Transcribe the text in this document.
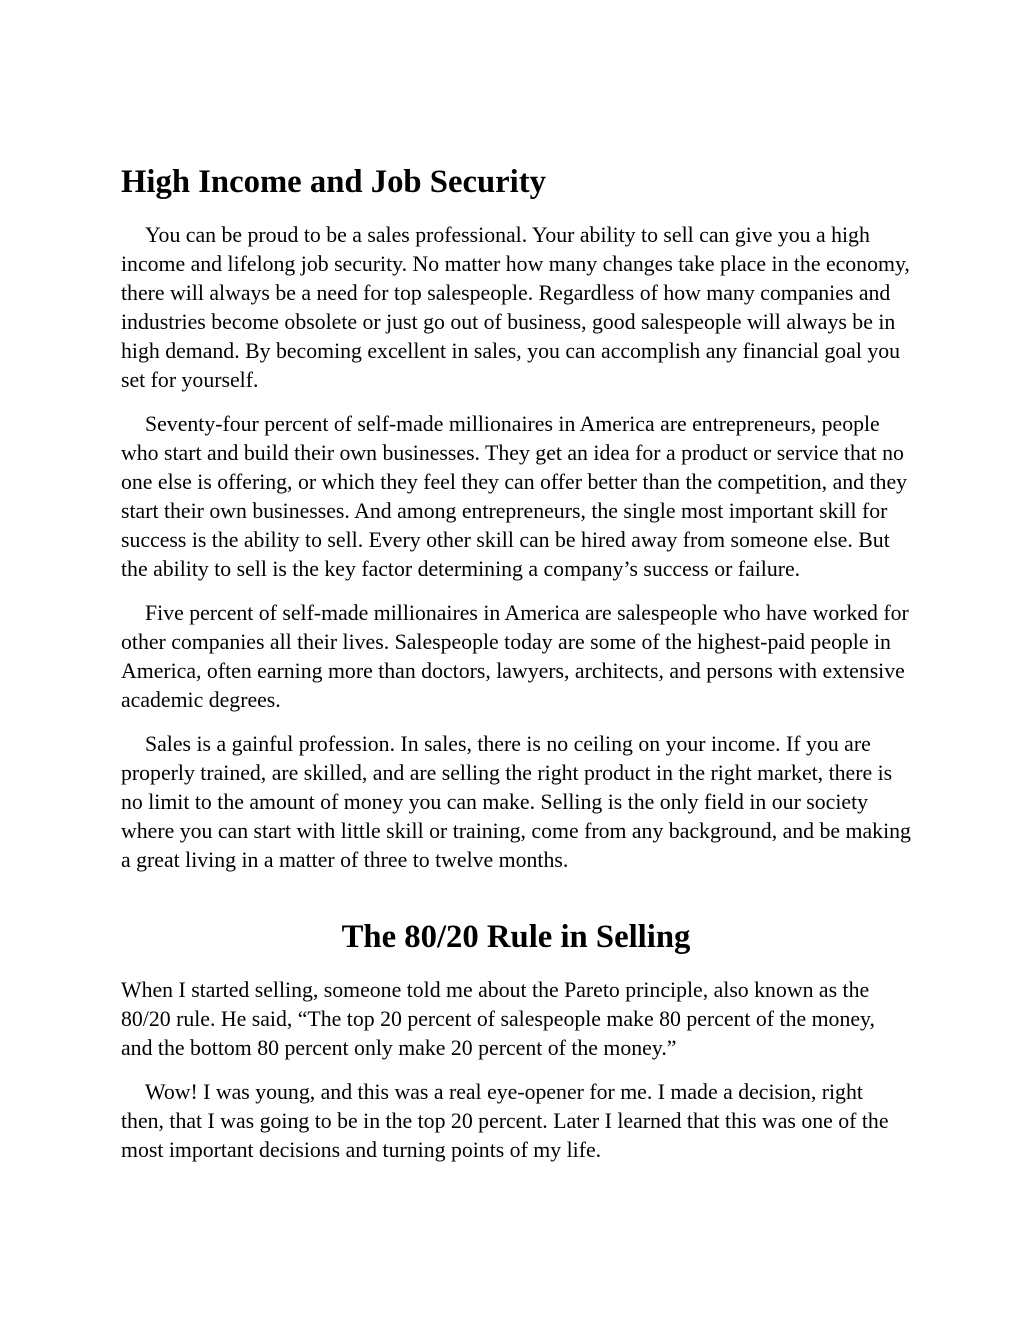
High Income and Job Security

You can be proud to be a sales professional. Your ability to sell can give you a high income and lifelong job security. No matter how many changes take place in the economy, there will always be a need for top salespeople. Regardless of how many companies and industries become obsolete or just go out of business, good salespeople will always be in high demand. By becoming excellent in sales, you can accomplish any financial goal you set for yourself.

Seventy-four percent of self-made millionaires in America are entrepreneurs, people who start and build their own businesses. They get an idea for a product or service that no one else is offering, or which they feel they can offer better than the competition, and they start their own businesses. And among entrepreneurs, the single most important skill for success is the ability to sell. Every other skill can be hired away from someone else. But the ability to sell is the key factor determining a company’s success or failure.

Five percent of self-made millionaires in America are salespeople who have worked for other companies all their lives. Salespeople today are some of the highest-paid people in America, often earning more than doctors, lawyers, architects, and persons with extensive academic degrees.

Sales is a gainful profession. In sales, there is no ceiling on your income. If you are properly trained, are skilled, and are selling the right product in the right market, there is no limit to the amount of money you can make. Selling is the only field in our society where you can start with little skill or training, come from any background, and be making a great living in a matter of three to twelve months.

The 80/20 Rule in Selling

When I started selling, someone told me about the Pareto principle, also known as the 80/20 rule. He said, “The top 20 percent of salespeople make 80 percent of the money, and the bottom 80 percent only make 20 percent of the money.”

Wow! I was young, and this was a real eye-opener for me. I made a decision, right then, that I was going to be in the top 20 percent. Later I learned that this was one of the most important decisions and turning points of my life.
